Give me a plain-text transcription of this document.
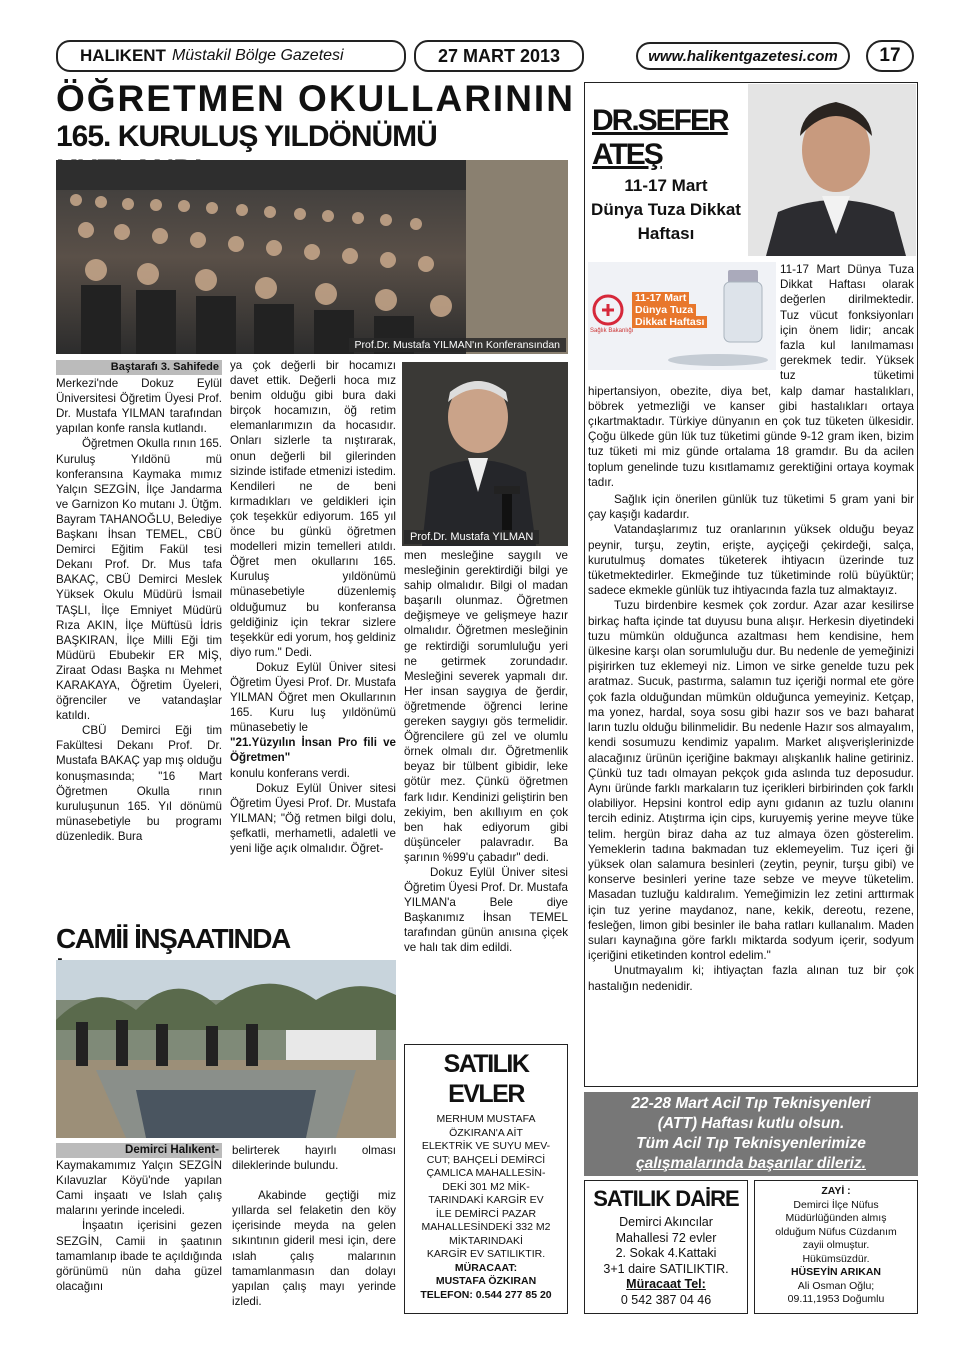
HALIKENT Müstakil Bölge Gazetesi	27 MART 2013	www.halikentgazetesi.com 17
ÖĞRETMEN OKULLARININ
165. KURULUŞ YILDÖNÜMÜ
Prof.Dr. Mustafa YILMAN'ın Konferansından
Baştarafı 3. Sahifede

Merkezi'nde Dokuz Eylül Üniversitesi Öğretim Üyesi Prof. Dr. Mustafa YILMAN tarafından yapılan konfe ransla kutlandı.

Öğretmen Okulla rının 165. Kuruluş Yıldönü mü konferansına Kaymaka mımız Yalçın SEZGİN, İlçe Jandarma ve Garnizon Ko mutanı J. Ütğm. Bayram TAHANOĞLU, Belediye Başkanı İhsan TEMEL, CBÜ Demirci Eğitim Fakül tesi Dekanı Prof. Dr. Mus tafa BAKAÇ, CBÜ Demirci Meslek Yüksek Okulu Müdürü İsmail TAŞLI, İlçe Emniyet Müdürü Rıza AKIN, İlçe Müftüsü İdris BAŞKIRAN, İlçe Milli Eği tim Müdürü Ebubekir ER MİŞ, Ziraat Odası Başka nı Mehmet KARAKAYA, Öğretim Üyeleri, öğrenciler ve vatandaşlar katıldı.

CBÜ Demirci Eği tim Fakültesi Dekanı Prof. Dr. Mustafa BAKAÇ yap mış olduğu konuşmasında; "16 Mart Öğretmen Okulla rının kuruluşunun 165. Yıl dönümü münasebetiyle bu programı düzenledik. Bura

ya çok değerli bir hocamızı davet ettik. Değerli hoca mız benim olduğu gibi bura daki birçok hocamızın, öğ retim elemanlarımızın da hocasıdır. Onları sizlerle ta nıştırarak, onun değerli bil gilerinden sizinde istifade etmenizi istedim. Kendileri ne de beni kırmadıkları ve geldikleri için çok teşekkür ediyorum. 165 yıl önce bu günkü öğretmen modelleri mizin temelleri atıldı. Öğret men okullarını 165. Kuruluş yıldönümü münasebetiyle düzenlemiş olduğumuz bu konferansa geldiğiniz için tekrar sizlere teşekkür edi yorum, hoş geldiniz diyo rum." Dedi.

Dokuz Eylül Üniver sitesi Öğretim Üyesi Prof. Dr. Mustafa YILMAN Öğret men Okullarının 165. Kuru luş yıldönümü münasebetiy le

"21.Yüzyılın İnsan Pro fili ve Öğretmen"

konulu konferans verdi.

Dokuz Eylül Üniver sitesi Öğretim Üyesi Prof. Dr. Mustafa YILMAN; "Öğ retmen bilgi dolu, şefkatli, merhametli, adaletli ve yeni liğe açık olmalıdır. Öğret-

Prof.Dr. Mustafa YILMAN

men mesleğine saygılı ve mesleğinin gerektirdiği bilgi ye sahip olmalıdır. Bilgi ol madan başarılı olunmaz. Öğretmen değişmeye ve gelişmeye hazır olmalıdır. Öğretmen mesleğinin ge rektirdiği sorumluluğu yeri ne getirmek zorundadır. Mesleğini severek yapmalı dır. Her insan saygıya de ğerdir, öğretmende öğrenci lerine gereken saygıyı gös termelidir. Öğrencilere gü zel ve olumlu örnek olmalı dır. Öğretmenlik beyaz bir tülbent gibidir, leke götür mez. Çünkü öğretmen fark lıdır. Kendinizi geliştirin ben zekiyim, ben akıllıyım en çok ben hak ediyorum gibi düşünceler palavradır. Ba şarının %99'u çabadır" dedi.

Dokuz Eylül Üniver sitesi Öğretim Üyesi Prof. Dr. Mustafa YILMAN'a Bele diye Başkanımız İhsan TEMEL tarafından günün anısına çiçek ve halı tak dim edildi.

CAMİİ İNŞAATINDA
Demirci Halıkent-

Kaymakamımız Yalçın SEZGİN Kılavuzlar Köyü'nde yapılan Cami inşaatı ve Islah çalış malarını yerinde inceledi.

İnşaatın içerisini gezen SEZGİN, Camii in şaatının tamamlanıp ibade te açıldığında görünümü nün daha güzel olacağını

belirterek hayırlı olması dileklerinde bulundu.

Akabinde geçtiği miz yıllarda sel felaketin den köy içerisinde meyda na gelen sıkıntının gideril mesi için, dere ıslah çalış malarının tamamlanmasın dan dolayı yapılan çalış mayı yerinde izledi.

SATILIK EVLER
MERHUM MUSTAFA
ÖZKIRAN'A AİT
ELEKTRİK VE SUYU MEV-
CUT; BAHÇELİ DEMİRCİ
ÇAMLICA MAHALLESİN-
DEKİ 301 M2 MİK-
TARINDAKİ KARGİR EV
İLE DEMİRCİ PAZAR
MAHALLESİNDEKİ 332 M2
MİKTARINDAKİ
KARGİR EV SATILIKTIR.
MÜRACAAT:
MUSTAFA ÖZKIRAN
TELEFON: 0.544 277 85 20
DR.SEFER ATEŞ
11-17 Mart
Dünya Tuza Dikkat
Haftası
11-17 Mart
Dünya Tuza
Dikkat Haftası
Sağlık Bakanlığı

11-17 Mart Dünya Tuza Dikkat Haftası olarak değerlen dirilmektedir. Tuz vücut fonksiyonları için önem lidir; ancak fazla kul lanılmaması gerekmek tedir. Yüksek tuz tüketimi hipertansiyon, obezite, diya bet, kalp damar hastalıkları, böbrek yetmezliği ve kanser gibi hastalıkları ortaya çıkartmaktadır. Türkiye dünyanın en çok tuz tüketen ülkesidir. Çoğu ülkede gün lük tuz tüketimi günde 9-12 gram iken, bizim tuz tüketi mi miz günde ortalama 18 gramdır. Bu da acilen toplum genelinde tuzu kısıtlamamız gerektiğini ortaya koymak tadır.

Sağlık için önerilen günlük tuz tüketimi 5 gram yani bir çay kaşığı kadardır.

Vatandaşlarımız tuz oranlarının yüksek olduğu beyaz peynir, turşu, zeytin, erişte, ayçiçeği çekirdeği, salça, kurutulmuş domates tüketerek ihtiyacın üzerinde tuz tüketmektedirler. Ekmeğinde tuz tüketiminde rolü büyüktür; sadece ekmekle günlük tuz ihtiyacında fazla tuz almaktayız.

Tuzu birdenbire kesmek çok zordur. Azar azar kesilirse birkaç hafta içinde tat duyusu buna alışır. Herkesin diyetindeki tuzu mümkün olduğunca azaltması hem kendisine, hem ülkesine karşı olan sorumluluğu dur. Bu nedenle de yemeğinizi pişirirken tuz eklemeyi niz. Limon ve sirke genelde tuzu pek aratmaz. Sucuk, pastırma, salamın tuz içeriği normal ete göre çok fazla olduğundan mümkün olduğunca yemeyiniz. Ketçap, ma yonez, hardal, soya sosu gibi hazır sos ve bazı baharat ların tuzlu olduğu bilinmelidir. Bu nedenle Hazır sos almayalım, kendi sosumuzu kendimiz yapalım. Market alışverişlerinizde alacağınız ürünün içeriğine bakmayı alışkanlık haline getiriniz. Çünkü tuz tadı olmayan pekçok gıda aslında tuz deposudur. Aynı üründe farklı markaların tuz içerikleri birbirinden çok farklı olabiliyor. Hepsini kontrol edip aynı gıdanın az tuzlu olanını tercih ediniz. Atıştırma için cips, kuruyemiş yerine meyve tüke telim. hergün biraz daha az tuz almaya özen gösterelim. Yemeklerin tadına bakmadan tuz eklemeyelim. Tuz içeri ği yüksek olan salamura besinleri (zeytin, peynir, turşu gibi) ve konserve besinleri yerine taze sebze ve meyve tüketelim. Masadan tuzluğu kaldıralım. Yemeğimizin lez zetini arttırmak için tuz yerine maydanoz, nane, kekik, dereotu, rezene, fesleğen, limon gibi besinler ile baha ratları kullanalım. Maden suları kaynağına göre farklı miktarda sodyum içerir, sodyum içeriğini etiketinden kontrol edelim."

Unutmayalım ki; ihtiyaçtan fazla alınan tuz bir çok hastalığın nedenidir.

22-28 Mart Acil Tıp Teknisyenleri
(ATT) Haftası kutlu olsun.
Tüm Acil Tıp Teknisyenlerimize
çalışmalarında başarılar dileriz.
SATILIK DAİRE
Demirci Akıncılar
Mahallesi 72 evler
2. Sokak 4.Kattaki
3+1 daire SATILIKTIR.
Müracaat Tel:
0 542 387 04 46
ZAYİ :
Demirci İlçe Nüfus
Müdürlüğünden almış
olduğum Nüfus Cüzdanım
zayii olmuştur.
Hükümsüzdür.
HÜSEYİN ARIKAN
Ali Osman Oğlu;
09.11,1953 Doğumlu
